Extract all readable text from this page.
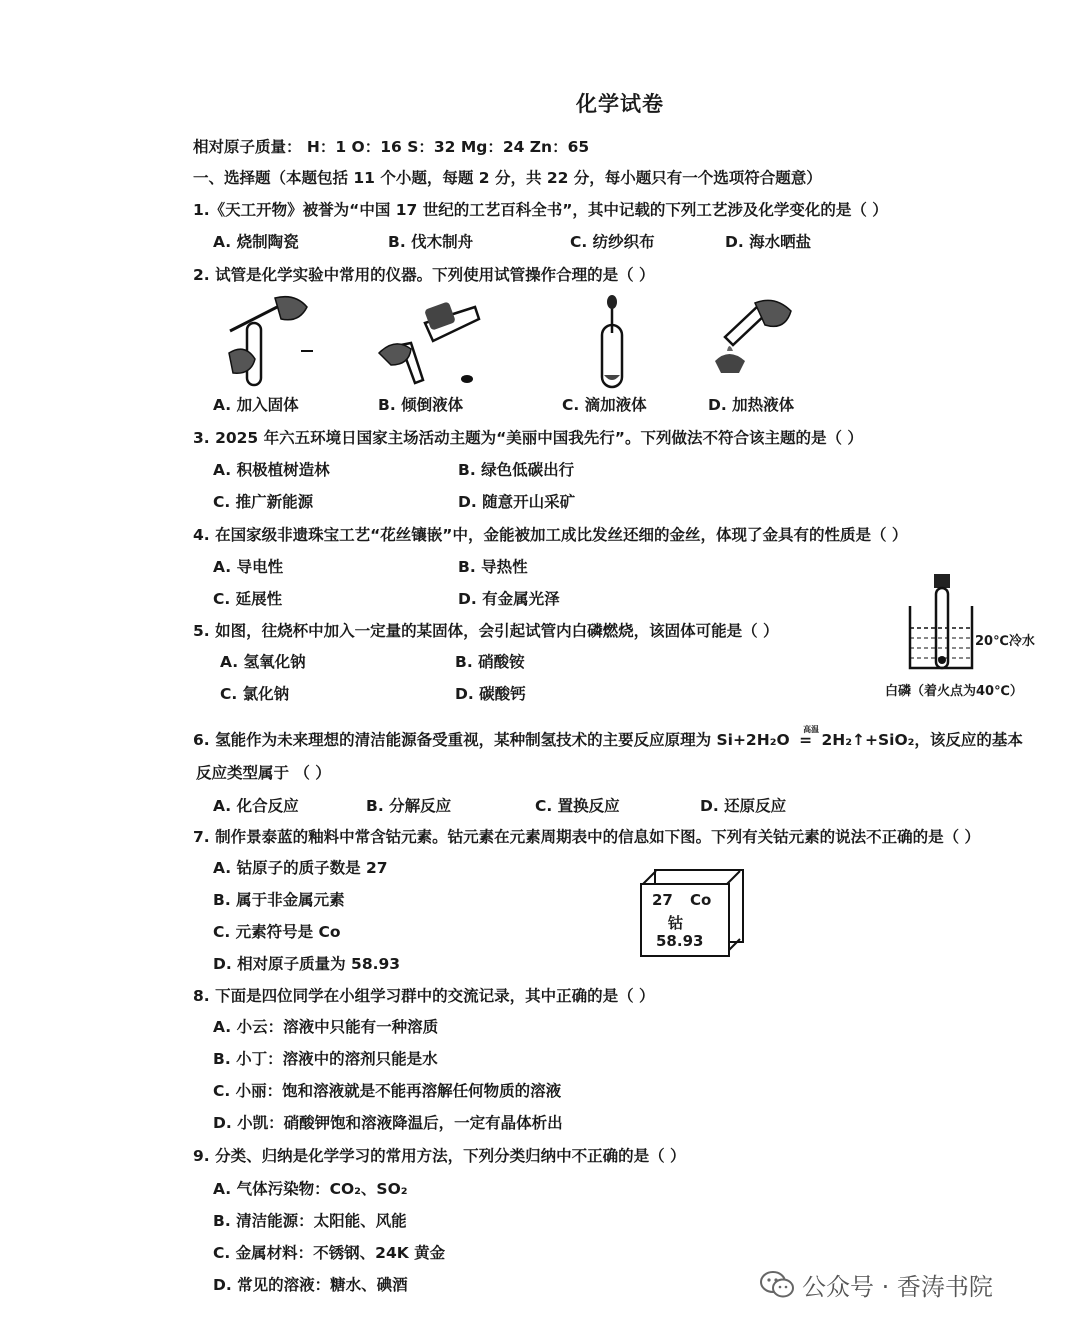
化学试卷
相对原子质量： H：1 O：16 S：32 Mg：24 Zn：65
一、选择题（本题包括 11 个小题，每题 2 分，共 22 分，每小题只有一个选项符合题意）
1.《天工开物》被誉为“中国 17 世纪的工艺百科全书”，其中记载的下列工艺涉及化学变化的是（ ）
A. 烧制陶瓷	B. 伐木制舟	C. 纺纱织布	D. 海水晒盐
2. 试管是化学实验中常用的仪器。下列使用试管操作合理的是（ ）
A. 加入固体	B. 倾倒液体	C. 滴加液体	D. 加热液体
3. 2025 年六五环境日国家主场活动主题为“美丽中国我先行”。下列做法不符合该主题的是（ ）
A. 积极植树造林	B. 绿色低碳出行
C. 推广新能源	D. 随意开山采矿
4. 在国家级非遗珠宝工艺“花丝镶嵌”中，金能被加工成比发丝还细的金丝，体现了金具有的性质是（ ）
A. 导电性	B. 导热性
C. 延展性	D. 有金属光泽
5. 如图，往烧杯中加入一定量的某固体，会引起试管内白磷燃烧，该固体可能是（ ）
A. 氢氧化钠	B. 硝酸铵
C. 氯化钠	D. 碳酸钙
20℃冷水
白磷（着火点为40℃）
6. 氢能作为未来理想的清洁能源备受重视，某种制氢技术的主要反应原理为 Si+2H₂O
高温
= 2H₂↑+SiO₂，该反应的基本
反应类型属于 （ ）
A. 化合反应	B. 分解反应	C. 置换反应	D. 还原反应
7. 制作景泰蓝的釉料中常含钴元素。钴元素在元素周期表中的信息如下图。下列有关钴元素的说法不正确的是（ ）
A. 钴原子的质子数是 27
B. 属于非金属元素
C. 元素符号是 Co
D. 相对原子质量为 58.93
27 Co
钴
58.93
8. 下面是四位同学在小组学习群中的交流记录，其中正确的是（ ）
A. 小云：溶液中只能有一种溶质
B. 小丁：溶液中的溶剂只能是水
C. 小丽：饱和溶液就是不能再溶解任何物质的溶液
D. 小凯：硝酸钾饱和溶液降温后，一定有晶体析出
9. 分类、归纳是化学学习的常用方法，下列分类归纳中不正确的是（ ）
A. 气体污染物：CO₂、SO₂
B. 清洁能源：太阳能、风能
C. 金属材料：不锈钢、24K 黄金
D. 常见的溶液：糖水、碘酒	公众号 · 香涛书院
